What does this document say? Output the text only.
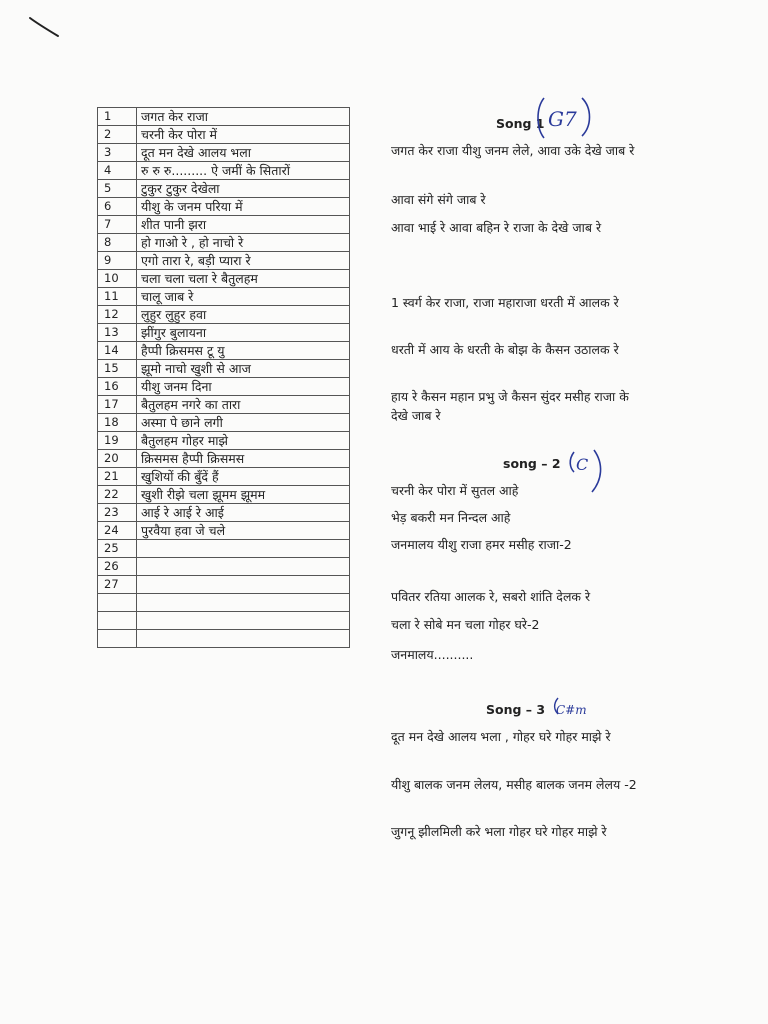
1	जगत केर राजा
2	चरनी केर पोरा में
3	दूत मन देखे आलय भला
4	रु रु रु......... ऐ जमीं के सितारों
5	टुकुर टुकुर देखेला
6	यीशु के जनम परिया में
7	शीत पानी झरा
8	हो गाओ रे , हो नाचो रे
9	एगो तारा रे, बड़ी प्यारा रे
10	चला चला चला रे बैतुलहम
11	चालू जाब रे
12	लुहुर लुहुर हवा
13	झींगुर बुलायना
14	हैप्पी क्रिसमस टू यु
15	झूमो नाचो खुशी से आज
16	यीशु जनम दिना
17	बैतुलहम नगरे का तारा
18	अस्मा पे छाने लगी
19	बैतुलहम गोहर माझे
20	क्रिसमस हैप्पी क्रिसमस
21	खुशियों की बुँदें हैं
22	खुशी रीझे चला झूमम झूमम
23	आई रे आई रे आई
24	पुरवैया हवा जे चले
25	
26	
27	

Song 1 G7
जगत केर राजा यीशु जनम लेले, आवा उके देखे जाब रे
आवा संगे संगे जाब रे
आवा भाई रे आवा बहिन रे राजा के देखे जाब रे
1 स्वर्ग केर राजा, राजा महाराजा धरती में आलक रे
धरती में आय के धरती के बोझ के कैसन उठालक रे
हाय रे कैसन महान प्रभु जे कैसन सुंदर मसीह राजा के देखे जाब रे
song – 2 C
चरनी केर पोरा में सुतल आहे
भेड़ बकरी मन निन्दल आहे
जनमालय यीशु राजा हमर मसीह राजा-2
पवितर रतिया आलक रे, सबरो शांति देलक रे
चला रे सोबे मन चला गोहर घरे-2
जनमालय..........
Song – 3 C#m
दूत मन देखे आलय भला , गोहर घरे गोहर माझे रे
यीशु बालक जनम लेलय, मसीह बालक जनम लेलय -2
जुगनू झीलमिली करे भला गोहर घरे गोहर माझे रे
